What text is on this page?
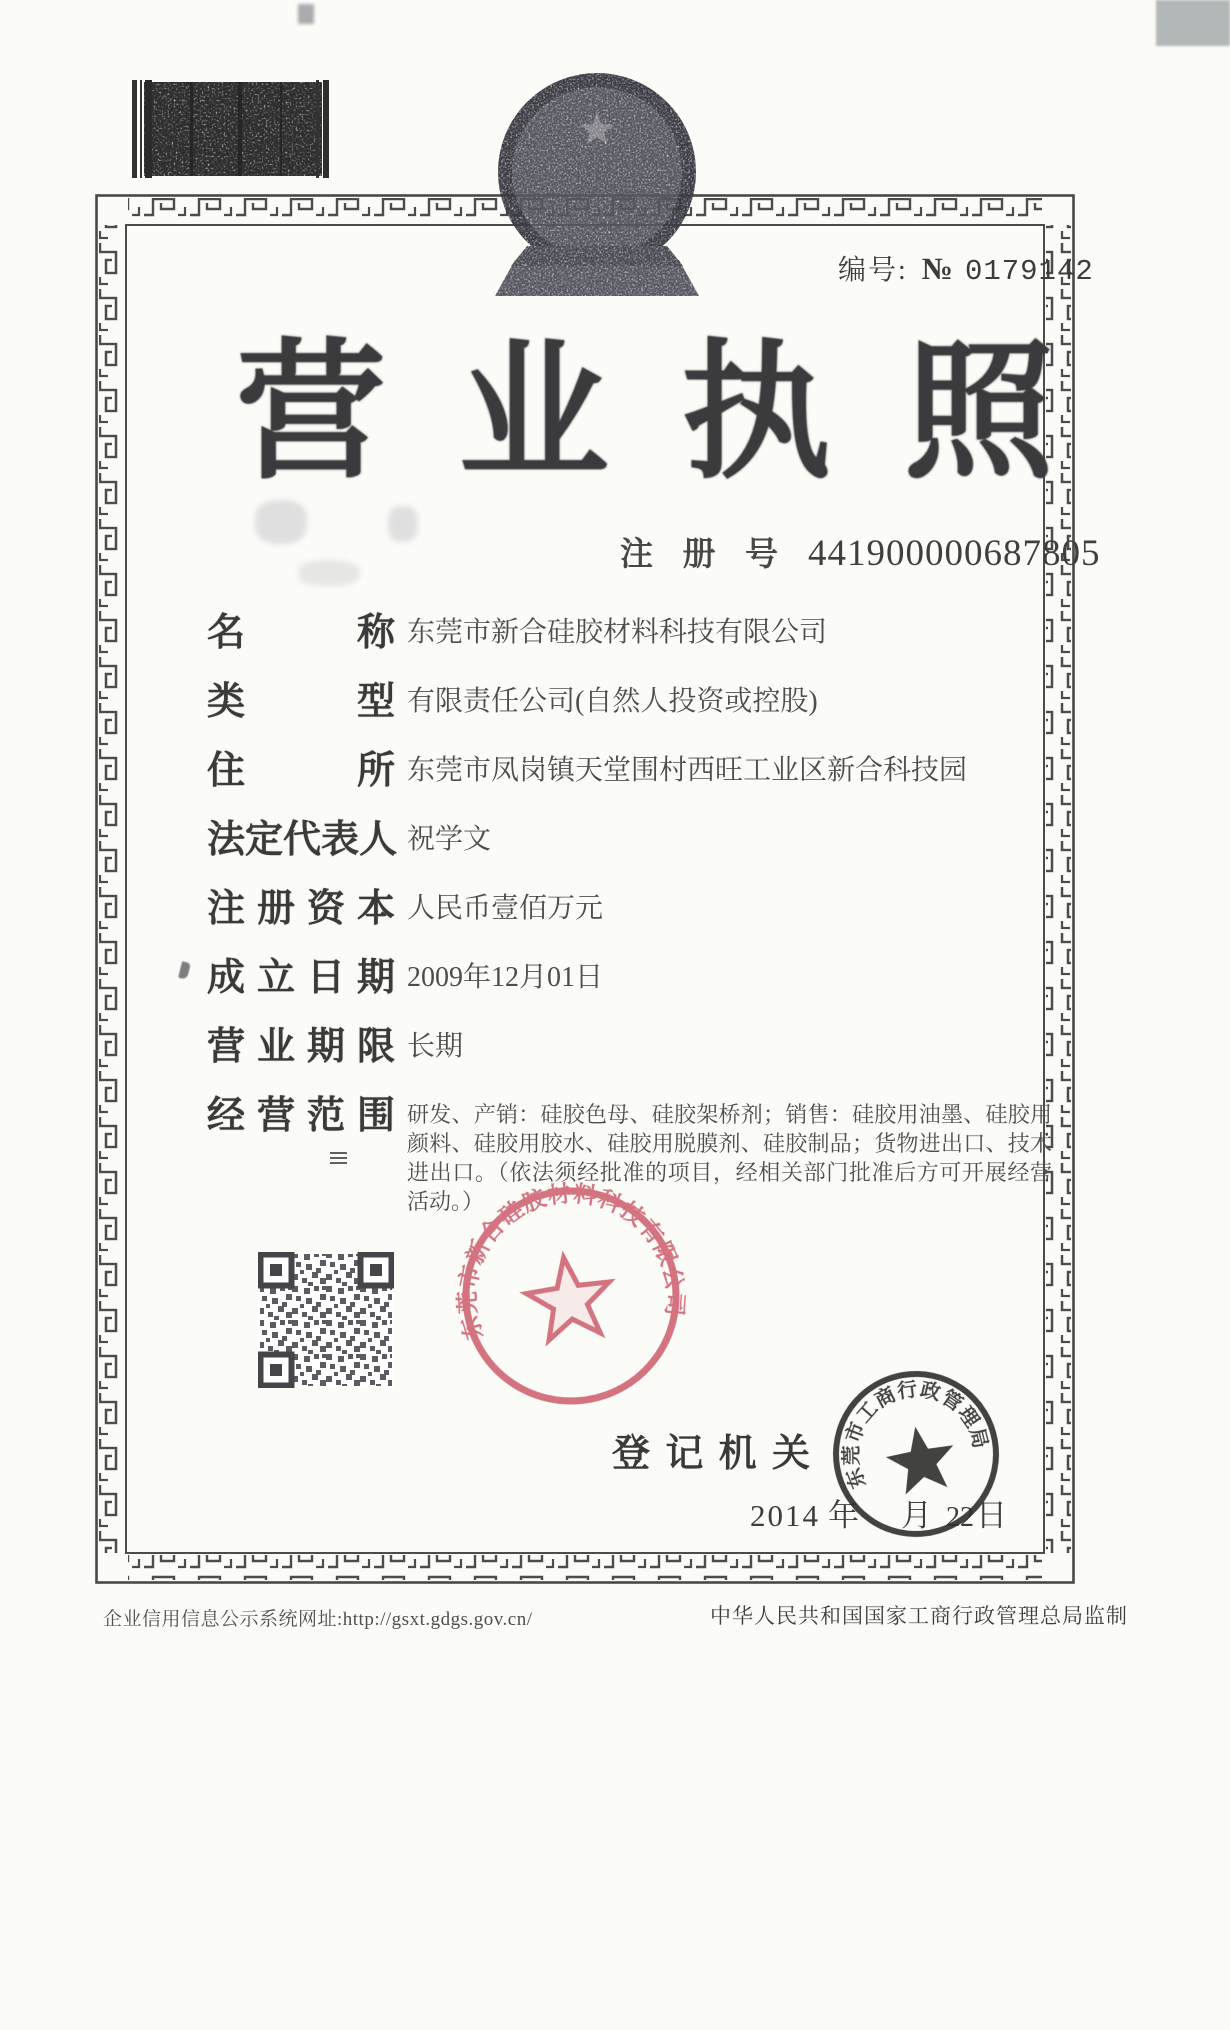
编号: № 0179142
营 业 执 照
注 册 号 441900000687805
名	称 东莞市新合硅胶材料科技有限公司
类	型 有限责任公司(自然人投资或控股)
住	所 东莞市凤岗镇天堂围村西旺工业区新合科技园
法 定 代 表 人 祝学文
注 册 资 本 人民币壹佰万元
成 立 日 期 2009年12月01日
营 业 期 限 长期
经 营 范 围 研发、产销：硅胶色母、硅胶架桥剂；销售：硅胶用油墨、硅胶用颜料、硅胶用胶水、硅胶用脱膜剂、硅胶制品；货物进出口、技术进出口。（依法须经批准的项目，经相关部门批准后方可开展经营活动。）
东莞市新合硅胶材料科技有限公司
登 记 机 关
2014 年 月 22日
东莞市工商行政管理局
企业信用信息公示系统网址:http://gsxt.gdgs.gov.cn/	中华人民共和国国家工商行政管理总局监制
